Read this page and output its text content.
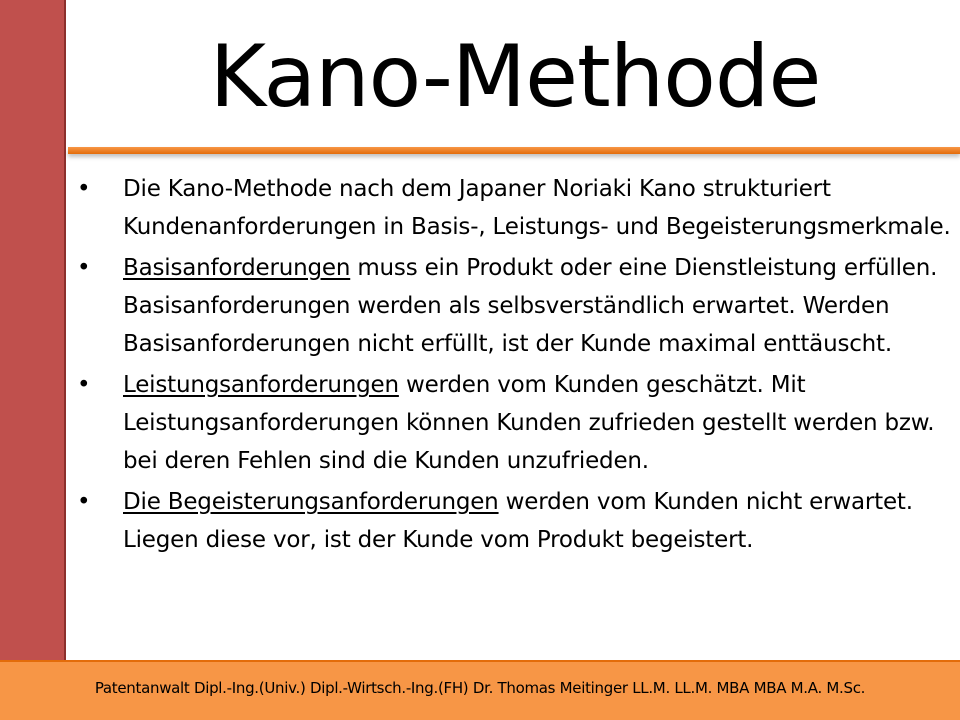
Kano-Methode
• Die Kano-Methode nach dem Japaner Noriaki Kano strukturiert Kundenanforderungen in Basis-, Leistungs- und Begeisterungsmerkmale.
• Basisanforderungen muss ein Produkt oder eine Dienstleistung erfüllen. Basisanforderungen werden als selbsverständlich erwartet. Werden Basisanforderungen nicht erfüllt, ist der Kunde maximal enttäuscht.
• Leistungsanforderungen werden vom Kunden geschätzt. Mit Leistungsanforderungen können Kunden zufrieden gestellt werden bzw. bei deren Fehlen sind die Kunden unzufrieden.
• Die Begeisterungsanforderungen werden vom Kunden nicht erwartet. Liegen diese vor, ist der Kunde vom Produkt begeistert.
Patentanwalt Dipl.-Ing.(Univ.) Dipl.-Wirtsch.-Ing.(FH) Dr. Thomas Meitinger LL.M. LL.M. MBA MBA M.A. M.Sc.
